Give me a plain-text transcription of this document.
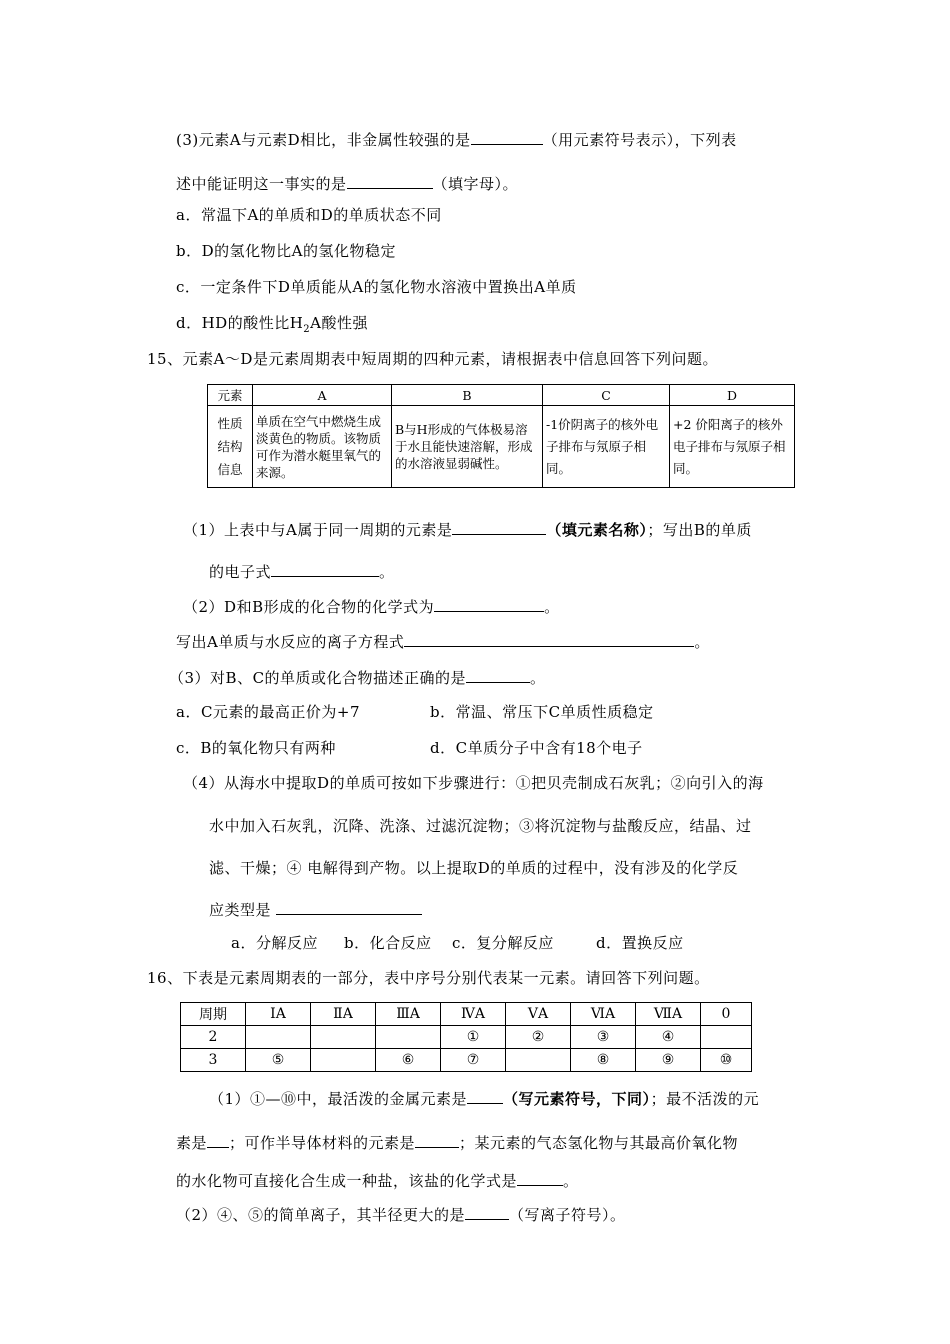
(3)元素A与元素D相比，非金属性较强的是	（用元素符号表示），下列表
述中能证明这一事实的是	（填字母）。
a．常温下A的单质和D的单质状态不同
b．D的氢化物比A的氢化物稳定
c．一定条件下D单质能从A的氢化物水溶液中置换出A单质
d．HD的酸性比$H_2A$酸性强
15、元素A～D是元素周期表中短周期的四种元素，请根据表中信息回答下列问题。
元素	A	B	C	D
性质
结构
信息	单质在空气中燃烧生成淡黄色的物质。该物质可作为潜水艇里氧气的来源。	B与H形成的气体极易溶于水且能快速溶解，形成的水溶液显弱碱性。	-1价阴离子的核外电子排布与氖原子相同。	+2 价阳离子的核外电子排布与氖原子相同。
（1）上表中与A属于同一周期的元素是	（填元素名称）；写出B的单质
的电子式	。
（2）D和B形成的化合物的化学式为	。
写出A单质与水反应的离子方程式	。
（3）对B、C的单质或化合物描述正确的是	。
a．C元素的最高正价为+7	b．常温、常压下C单质性质稳定
c．B的氧化物只有两种	d．C单质分子中含有18个电子
（4）从海水中提取D的单质可按如下步骤进行：①把贝壳制成石灰乳；②向引入的海
水中加入石灰乳，沉降、洗涤、过滤沉淀物；③将沉淀物与盐酸反应，结晶、过
滤、干燥；④ 电解得到产物。以上提取D的单质的过程中，没有涉及的化学反
应类型是
a．分解反应 b．化合反应 c．复分解反应	d．置换反应
16、下表是元素周期表的一部分，表中序号分别代表某一元素。请回答下列问题。
周期	ⅠA	ⅡA	ⅢA	ⅣA	ⅤA	ⅥA	ⅦA	0
2				①	②	③	④	
3	⑤		⑥	⑦		⑧	⑨	⑩
（1）①—⑩中，最活泼的金属元素是 （写元素符号，下同）；最不活泼的元
素是 ；可作半导体材料的元素是	；某元素的气态氢化物与其最高价氧化物
的水化物可直接化合生成一种盐，该盐的化学式是	。
（2）④、⑤的简单离子，其半径更大的是	（写离子符号）。
